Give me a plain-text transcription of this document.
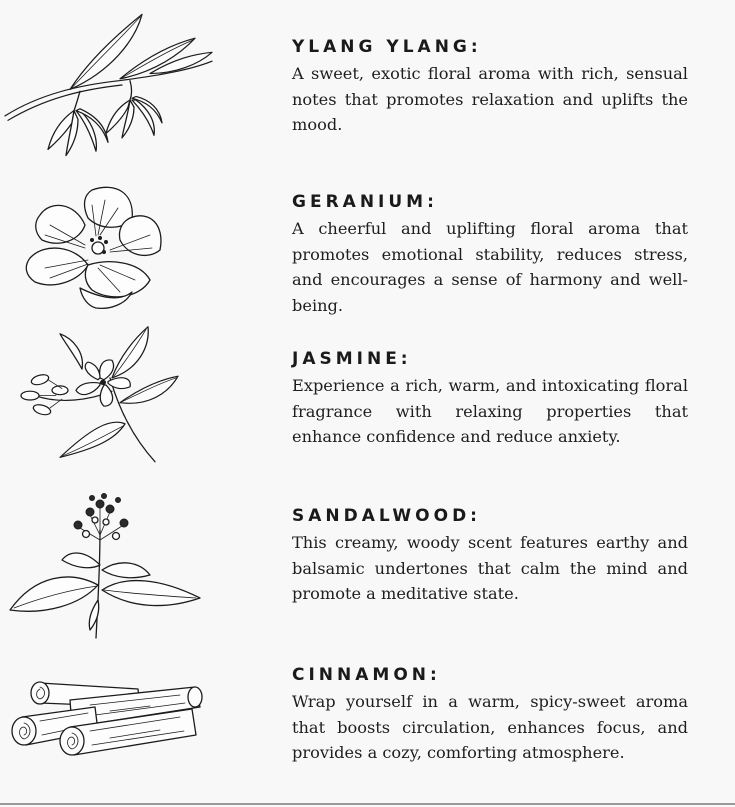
YLANG YLANG:

A sweet, exotic floral aroma with rich, sensual notes that promotes relaxation and uplifts the mood.

GERANIUM:

A cheerful and uplifting floral aroma that promotes emotional stability, reduces stress, and encourages a sense of harmony and well-being.

JASMINE:

Experience a rich, warm, and intoxicating floral fragrance with relaxing properties that enhance confidence and reduce anxiety.

SANDALWOOD:

This creamy, woody scent features earthy and balsamic undertones that calm the mind and promote a meditative state.

CINNAMON:

Wrap yourself in a warm, spicy-sweet aroma that boosts circulation, enhances focus, and provides a cozy, comforting atmosphere.
